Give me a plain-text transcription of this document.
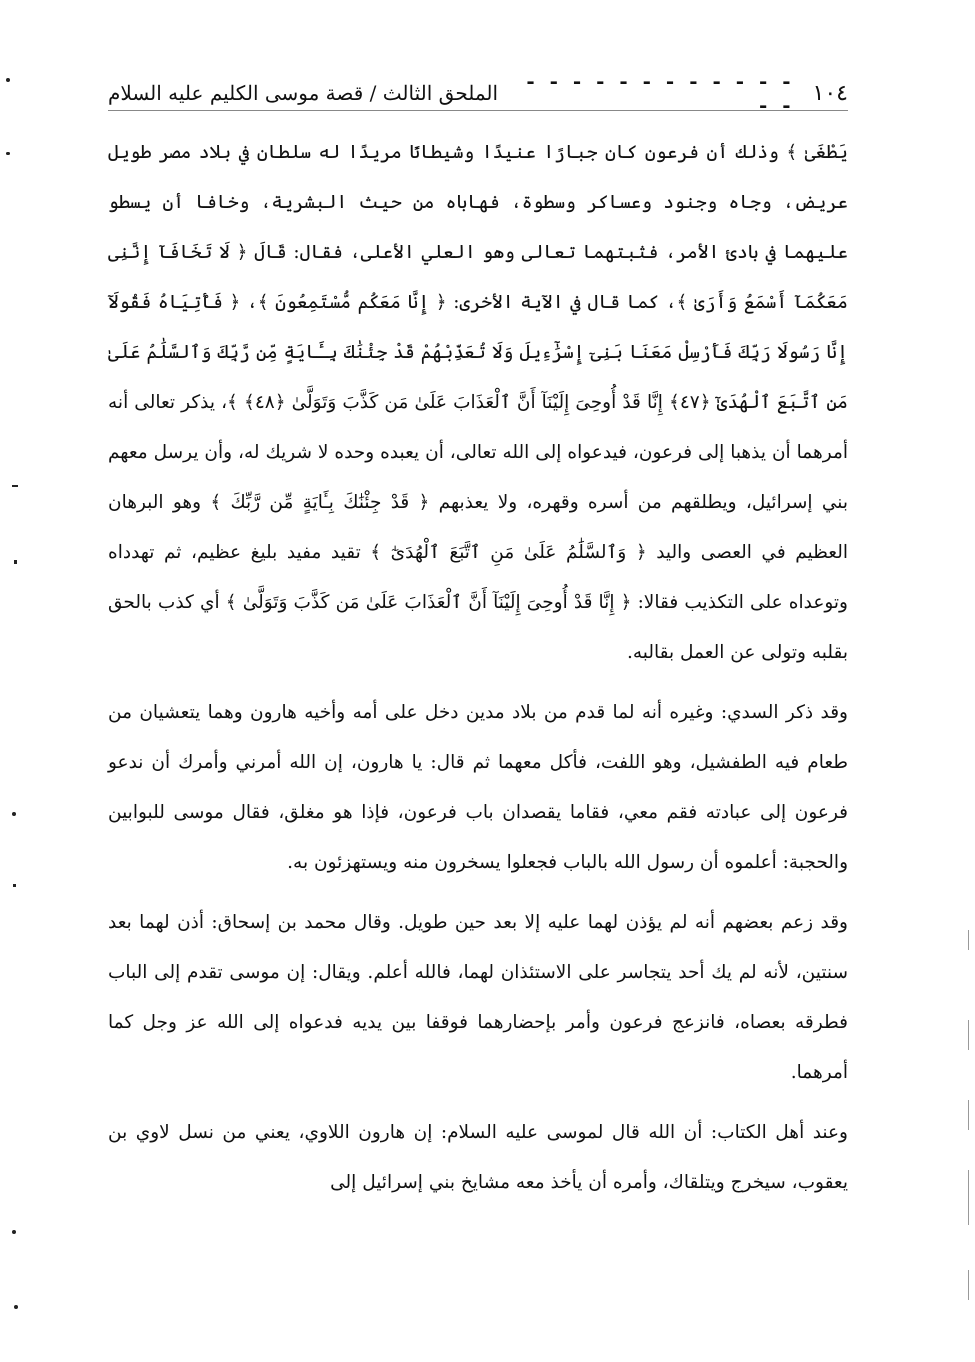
١٠٤
- - - - - - - - - - - - - -
الملحق الثالث / قصة موسى الكليم عليه السلام

يَطْغَىٰ ﴾ وذلك أن فرعون كان جبارًا عنيدًا وشيطانًا مريدًا له سلطان في بلاد مصر طويل عريض، وجاه وجنود وعساكر وسطوة، فهاباه من حيث البشرية، وخافا أن يسطو عليهما في بادئ الأمر، فثبتهما تعالى وهو العلي الأعلى، فقال: قَالَ ﴿ لَا تَخَافَآ إِنَّنِى مَعَكُمَآ أَسْمَعُ وَأَرَىٰ ﴾، كما قال في الآية الأخرى: ﴿ إِنَّا مَعَكُم مُّسْتَمِعُونَ ﴾، ﴿ فَأْتِيَاهُ فَقُولَآ إِنَّا رَسُولَا رَبِّكَ فَأَرْسِلْ مَعَنَا بَنِىٓ إِسْرَٰٓءِيلَ وَلَا تُعَذِّبْهُمْ قَدْ جِئْنَٰكَ بِـَٔايَةٍ مِّن رَّبِّكَ وَٱلسَّلَٰمُ عَلَىٰ مَنِ ٱتَّبَعَ ٱلْهُدَىٰٓ ﴿٤٧﴾ إِنَّا قَدْ أُوحِىَ إِلَيْنَآ أَنَّ ٱلْعَذَابَ عَلَىٰ مَن كَذَّبَ وَتَوَلَّىٰ ﴿٤٨﴾ ﴾، يذكر تعالى أنه أمرهما أن يذهبا إلى فرعون، فيدعواه إلى الله تعالى، أن يعبده وحده لا شريك له، وأن يرسل معهم بني إسرائيل، ويطلقهم من أسره وقهره، ولا يعذبهم ﴿ قَدْ جِئْنَٰكَ بِـَٔايَةٍ مِّن رَّبِّكَ ﴾ وهو البرهان العظيم في العصى واليد ﴿ وَٱلسَّلَٰمُ عَلَىٰ مَنِ ٱتَّبَعَ ٱلْهُدَىٰٓ ﴾ تقيد مفيد بليغ عظيم، ثم تهدداه وتوعداه على التكذيب فقالا: ﴿ إِنَّا قَدْ أُوحِىَ إِلَيْنَآ أَنَّ ٱلْعَذَابَ عَلَىٰ مَن كَذَّبَ وَتَوَلَّىٰ ﴾ أي كذب بالحق بقلبه وتولى عن العمل بقالبه.

وقد ذكر السدي: وغيره أنه لما قدم من بلاد مدين دخل على أمه وأخيه هارون وهما يتعشيان من طعام فيه الطفشيل، وهو اللفت، فأكل معهما ثم قال: يا هارون، إن الله أمرني وأمرك أن ندعو فرعون إلى عبادته فقم معي، فقاما يقصدان باب فرعون، فإذا هو مغلق، فقال موسى للبوابين والحجبة: أعلموه أن رسول الله بالباب فجعلوا يسخرون منه ويستهزئون به.

وقد زعم بعضهم أنه لم يؤذن لهما عليه إلا بعد حين طويل. وقال محمد بن إسحاق: أذن لهما بعد سنتين، لأنه لم يك أحد يتجاسر على الاستئذان لهما، فالله أعلم. ويقال: إن موسى تقدم إلى الباب فطرقه بعصاه، فانزعج فرعون وأمر بإحضارهما فوقفا بين يديه فدعواه إلى الله عز وجل كما أمرهما.

وعند أهل الكتاب: أن الله قال لموسى عليه السلام: إن هارون اللاوي، يعني من نسل لاوي بن يعقوب، سيخرج ويتلقاك، وأمره أن يأخذ معه مشايخ بني إسرائيل إلى
